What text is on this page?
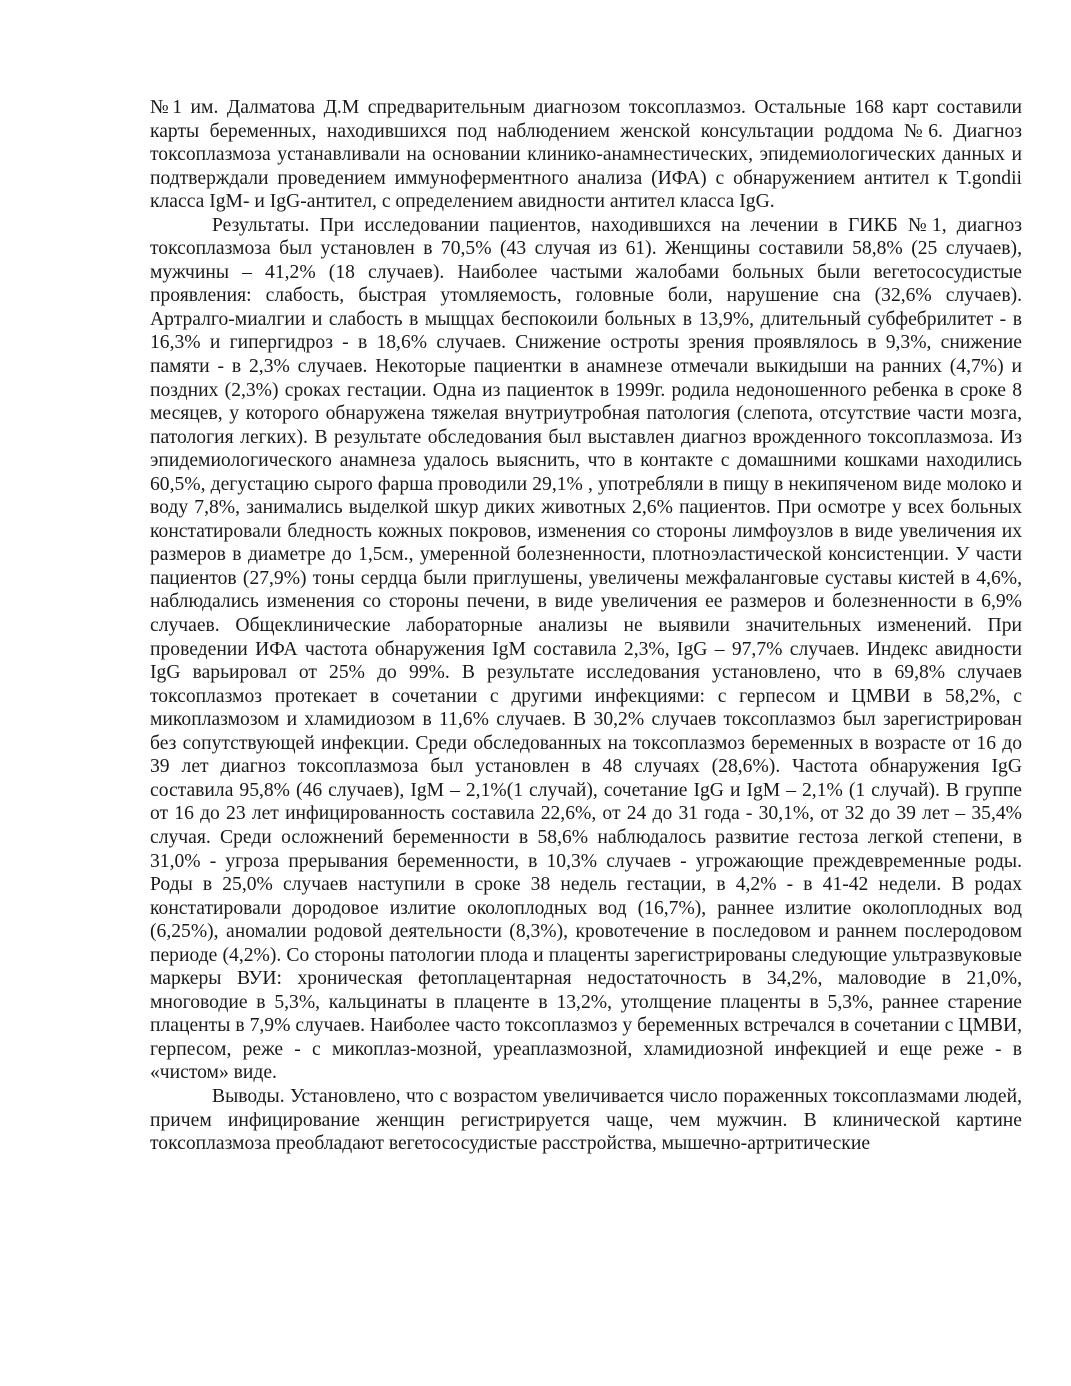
№1 им. Далматова Д.М спредварительным диагнозом токсоплазмоз. Остальные 168 карт составили карты беременных, находившихся под наблюдением женской консультации роддома №6. Диагноз токсоплазмоза устанавливали на основании клинико-анамнестических, эпидемиологических данных и подтверждали проведением иммуноферментного анализа (ИФА) с обнаружением антител к T.gondii класса IgM- и IgG-антител, с определением авидности антител класса IgG.

Результаты. При исследовании пациентов, находившихся на лечении в ГИКБ №1, диагноз токсоплазмоза был установлен в 70,5% (43 случая из 61). Женщины составили 58,8% (25 случаев), мужчины – 41,2% (18 случаев). Наиболее частыми жалобами больных были вегетососудистые проявления: слабость, быстрая утомляемость, головные боли, нарушение сна (32,6% случаев). Артралго-миалгии и слабость в мыщцах беспокоили больных в 13,9%, длительный субфебрилитет - в 16,3% и гипергидроз - в 18,6% случаев. Снижение остроты зрения проявлялось в 9,3%, снижение памяти - в 2,3% случаев. Некоторые пациентки в анамнезе отмечали выкидыши на ранних (4,7%) и поздних (2,3%) сроках гестации. Одна из пациенток в 1999г. родила недоношенного ребенка в сроке 8 месяцев, у которого обнаружена тяжелая внутриутробная патология (слепота, отсутствие части мозга, патология легких). В результате обследования был выставлен диагноз врожденного токсоплазмоза. Из эпидемиологического анамнеза удалось выяснить, что в контакте с домашними кошками находились 60,5%, дегустацию сырого фарша проводили 29,1% , употребляли в пищу в некипяченом виде молоко и воду 7,8%, занимались выделкой шкур диких животных 2,6% пациентов. При осмотре у всех больных констатировали бледность кожных покровов, изменения со стороны лимфоузлов в виде увеличения их размеров в диаметре до 1,5см., умеренной болезненности, плотноэластической консистенции. У части пациентов (27,9%) тоны сердца были приглушены, увеличены межфаланговые суставы кистей в 4,6%, наблюдались изменения со стороны печени, в виде увеличения ее размеров и болезненности в 6,9% случаев. Общеклинические лабораторные анализы не выявили значительных изменений. При проведении ИФА частота обнаружения IgM составила 2,3%, IgG – 97,7% случаев. Индекс авидности IgG варьировал от 25% до 99%. В результате исследования установлено, что в 69,8% случаев токсоплазмоз протекает в сочетании с другими инфекциями: с герпесом и ЦМВИ в 58,2%, с микоплазмозом и хламидиозом в 11,6% случаев. В 30,2% случаев токсоплазмоз был зарегистрирован без сопутствующей инфекции. Среди обследованных на токсоплазмоз беременных в возрасте от 16 до 39 лет диагноз токсоплазмоза был установлен в 48 случаях (28,6%). Частота обнаружения IgG составила 95,8% (46 случаев), IgM – 2,1%(1 случай), сочетание IgG и IgM – 2,1% (1 случай). В группе от 16 до 23 лет инфицированность составила 22,6%, от 24 до 31 года - 30,1%, от 32 до 39 лет – 35,4% случая. Среди осложнений беременности в 58,6% наблюдалось развитие гестоза легкой степени, в 31,0% - угроза прерывания беременности, в 10,3% случаев - угрожающие преждевременные роды. Роды в 25,0% случаев наступили в сроке 38 недель гестации, в 4,2% - в 41-42 недели. В родах констатировали дородовое излитие околоплодных вод (16,7%), раннее излитие околоплодных вод (6,25%), аномалии родовой деятельности (8,3%), кровотечение в последовом и раннем послеродовом периоде (4,2%). Со стороны патологии плода и плаценты зарегистрированы следующие ультразвуковые маркеры ВУИ: хроническая фетоплацентарная недостаточность в 34,2%, маловодие в 21,0%, многоводие в 5,3%, кальцинаты в плаценте в 13,2%, утолщение плаценты в 5,3%, раннее старение плаценты в 7,9% случаев. Наиболее часто токсоплазмоз у беременных встречался в сочетании с ЦМВИ, герпесом, реже - с микоплаз-мозной, уреаплазмозной, хламидиозной инфекцией и еще реже - в «чистом» виде.

Выводы. Установлено, что с возрастом увеличивается число пораженных токсоплазмами людей, причем инфицирование женщин регистрируется чаще, чем мужчин. В клинической картине токсоплазмоза преобладают вегетососудистые расстройства, мышечно-артритические
